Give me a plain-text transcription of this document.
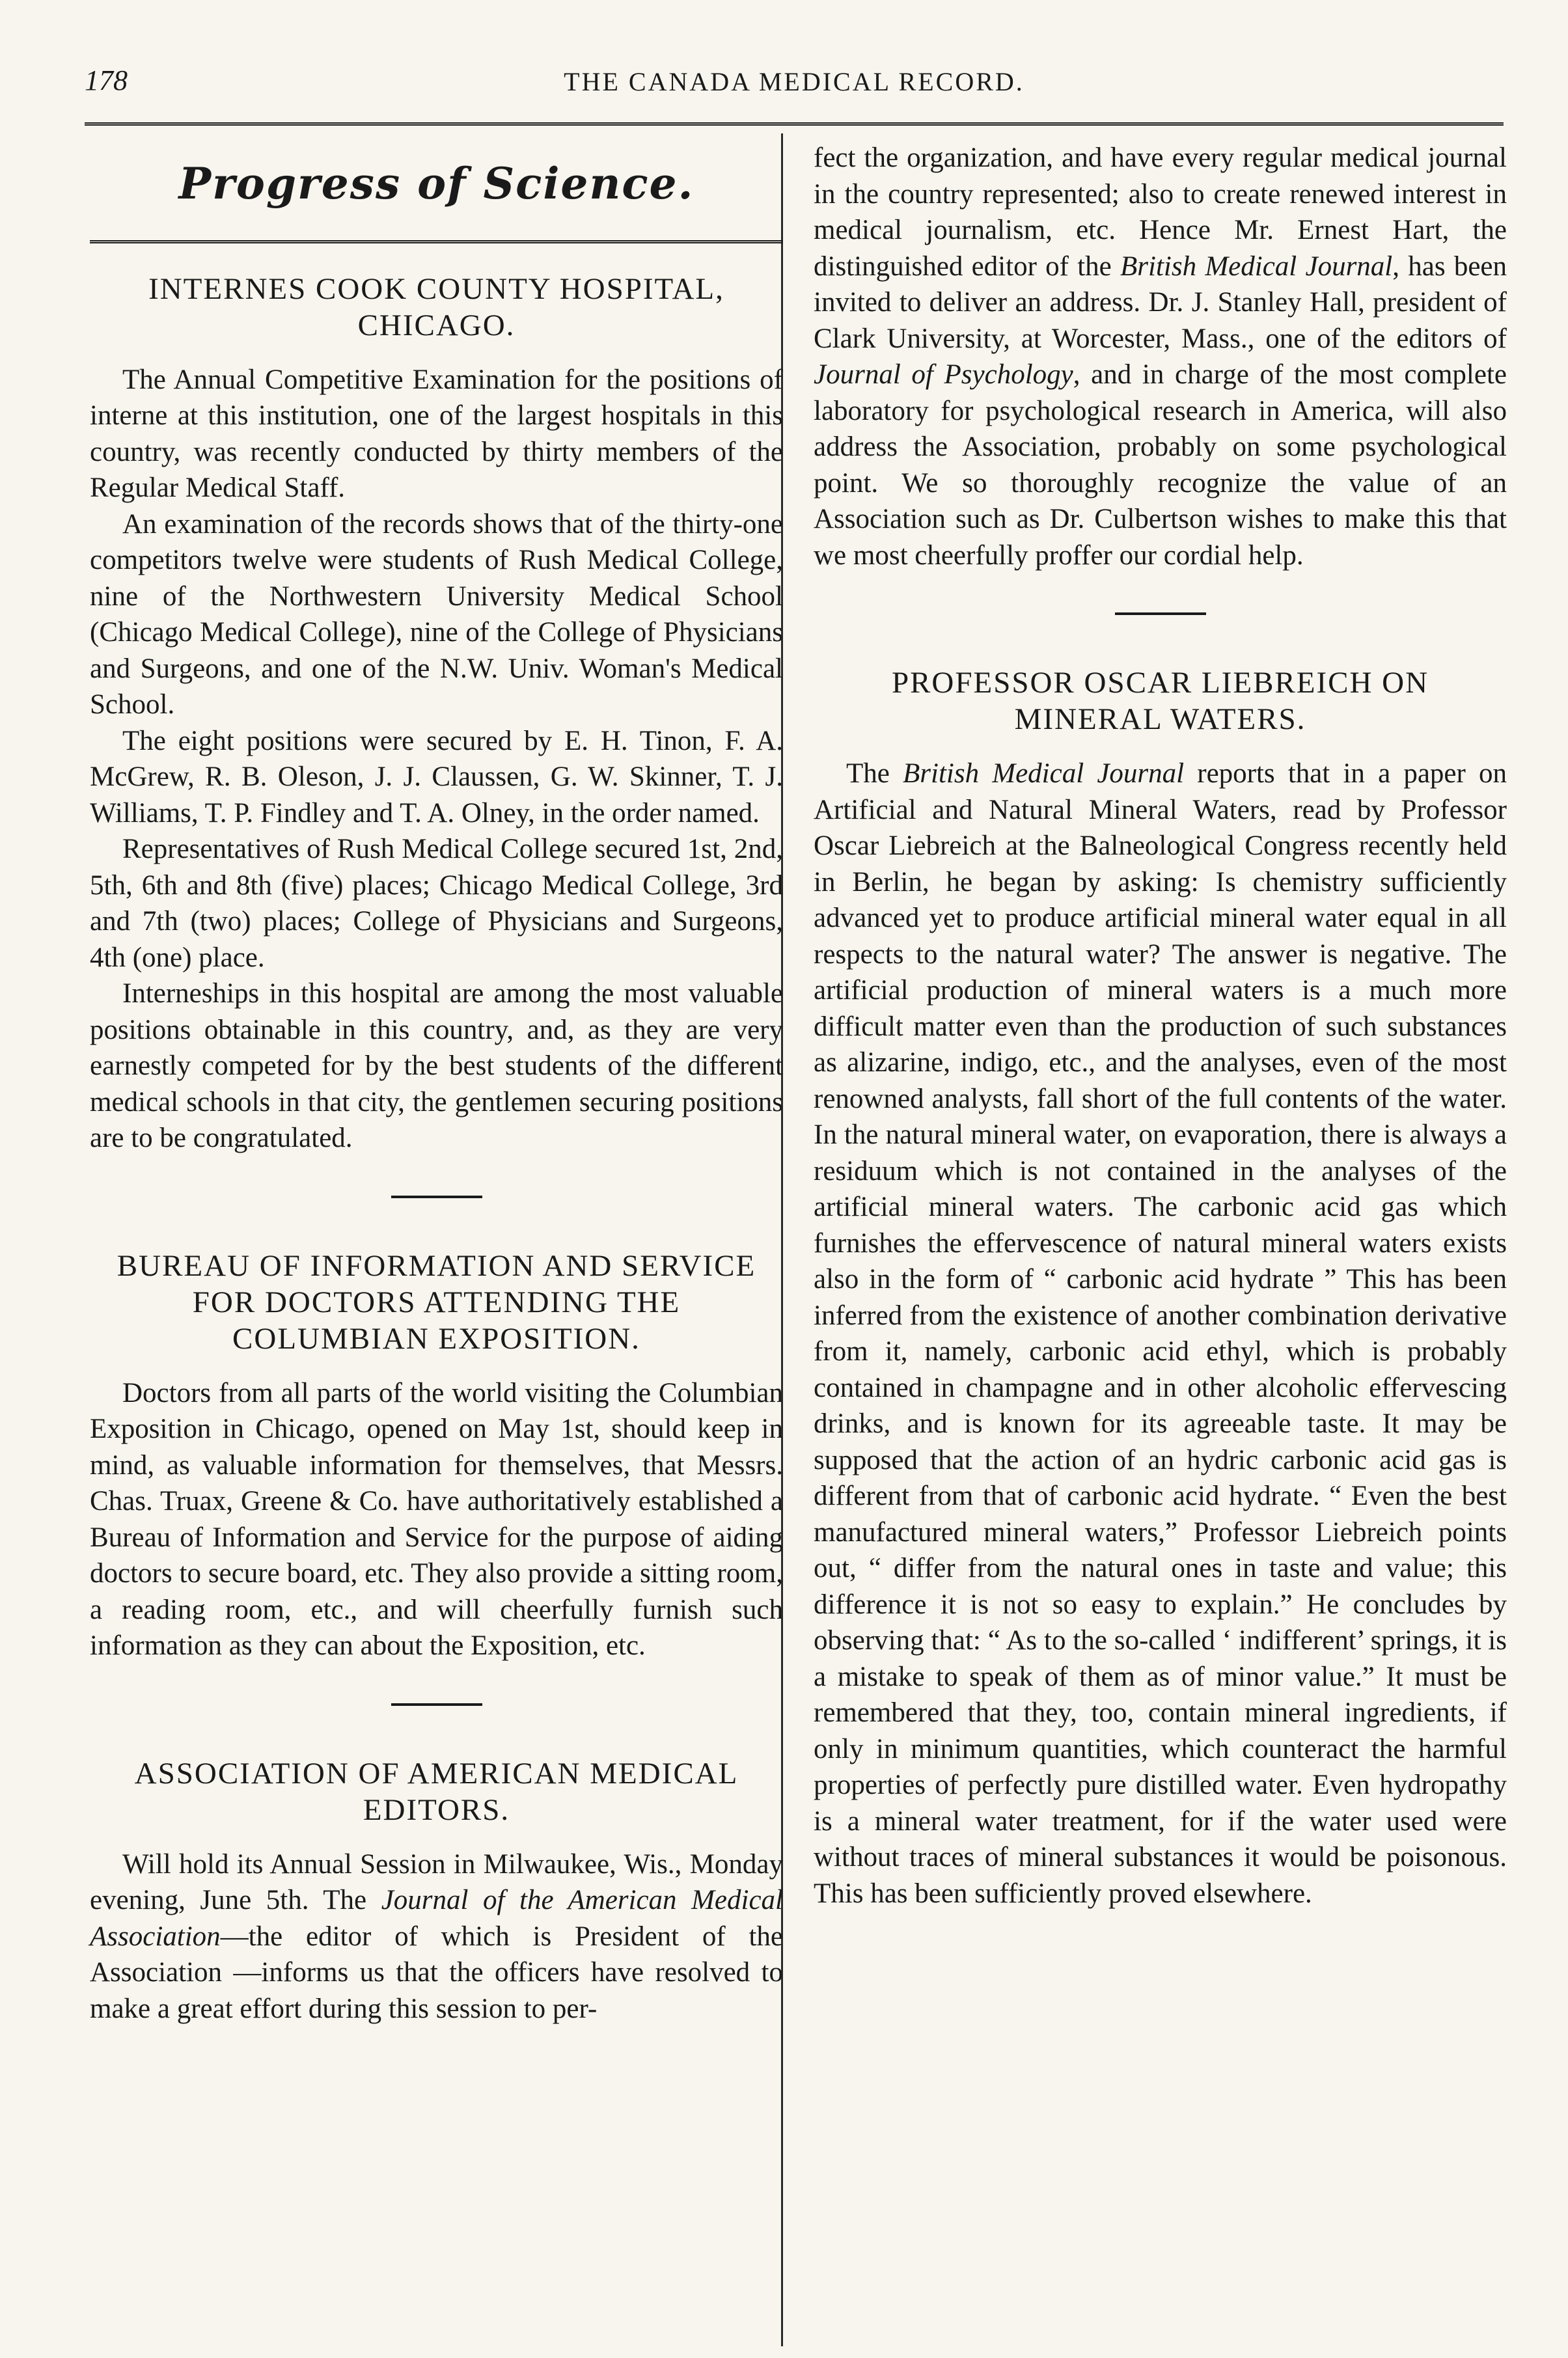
178	THE CANADA MEDICAL RECORD.
Progress of Science.
INTERNES COOK COUNTY HOSPITAL, CHICAGO.

The Annual Competitive Examination for the positions of interne at this institution, one of the largest hospitals in this country, was recently conducted by thirty members of the Regular Medical Staff.

An examination of the records shows that of the thirty-one competitors twelve were students of Rush Medical College, nine of the Northwestern University Medical School (Chicago Medical College), nine of the College of Physicians and Surgeons, and one of the N.W. Univ. Woman's Medical School.

The eight positions were secured by E. H. Tinon, F. A. McGrew, R. B. Oleson, J. J. Claussen, G. W. Skinner, T. J. Williams, T. P. Findley and T. A. Olney, in the order named.

Representatives of Rush Medical College secured 1st, 2nd, 5th, 6th and 8th (five) places; Chicago Medical College, 3rd and 7th (two) places; College of Physicians and Surgeons, 4th (one) place.

Interneships in this hospital are among the most valuable positions obtainable in this country, and, as they are very earnestly competed for by the best students of the different medical schools in that city, the gentlemen securing positions are to be congratulated.

BUREAU OF INFORMATION AND SERVICE FOR DOCTORS ATTENDING THE COLUMBIAN EXPOSITION.

Doctors from all parts of the world visiting the Columbian Exposition in Chicago, opened on May 1st, should keep in mind, as valuable information for themselves, that Messrs. Chas. Truax, Greene & Co. have authoritatively established a Bureau of Information and Service for the purpose of aiding doctors to secure board, etc. They also provide a sitting room, a reading room, etc., and will cheerfully furnish such information as they can about the Exposition, etc.

ASSOCIATION OF AMERICAN MEDICAL EDITORS.

Will hold its Annual Session in Milwaukee, Wis., Monday evening, June 5th. The Journal of the American Medical Association—the editor of which is President of the Association —informs us that the officers have resolved to make a great effort during this session to per-

fect the organization, and have every regular medical journal in the country represented; also to create renewed interest in medical journalism, etc. Hence Mr. Ernest Hart, the distinguished editor of the British Medical Journal, has been invited to deliver an address. Dr. J. Stanley Hall, president of Clark University, at Worcester, Mass., one of the editors of Journal of Psychology, and in charge of the most complete laboratory for psychological research in America, will also address the Association, probably on some psychological point. We so thoroughly recognize the value of an Association such as Dr. Culbertson wishes to make this that we most cheerfully proffer our cordial help.

PROFESSOR OSCAR LIEBREICH ON MINERAL WATERS.

The British Medical Journal reports that in a paper on Artificial and Natural Mineral Waters, read by Professor Oscar Liebreich at the Balneological Congress recently held in Berlin, he began by asking: Is chemistry sufficiently advanced yet to produce artificial mineral water equal in all respects to the natural water? The answer is negative. The artificial production of mineral waters is a much more difficult matter even than the production of such substances as alizarine, indigo, etc., and the analyses, even of the most renowned analysts, fall short of the full contents of the water. In the natural mineral water, on evaporation, there is always a residuum which is not contained in the analyses of the artificial mineral waters. The carbonic acid gas which furnishes the effervescence of natural mineral waters exists also in the form of “ carbonic acid hydrate ” This has been inferred from the existence of another combination derivative from it, namely, carbonic acid ethyl, which is probably contained in champagne and in other alcoholic effervescing drinks, and is known for its agreeable taste. It may be supposed that the action of an hydric carbonic acid gas is different from that of carbonic acid hydrate. “ Even the best manufactured mineral waters,” Professor Liebreich points out, “ differ from the natural ones in taste and value; this difference it is not so easy to explain.” He concludes by observing that: “ As to the so-called ‘ indifferent’ springs, it is a mistake to speak of them as of minor value.” It must be remembered that they, too, contain mineral ingredients, if only in minimum quantities, which counteract the harmful properties of perfectly pure distilled water. Even hydropathy is a mineral water treatment, for if the water used were without traces of mineral substances it would be poisonous. This has been sufficiently proved elsewhere.
